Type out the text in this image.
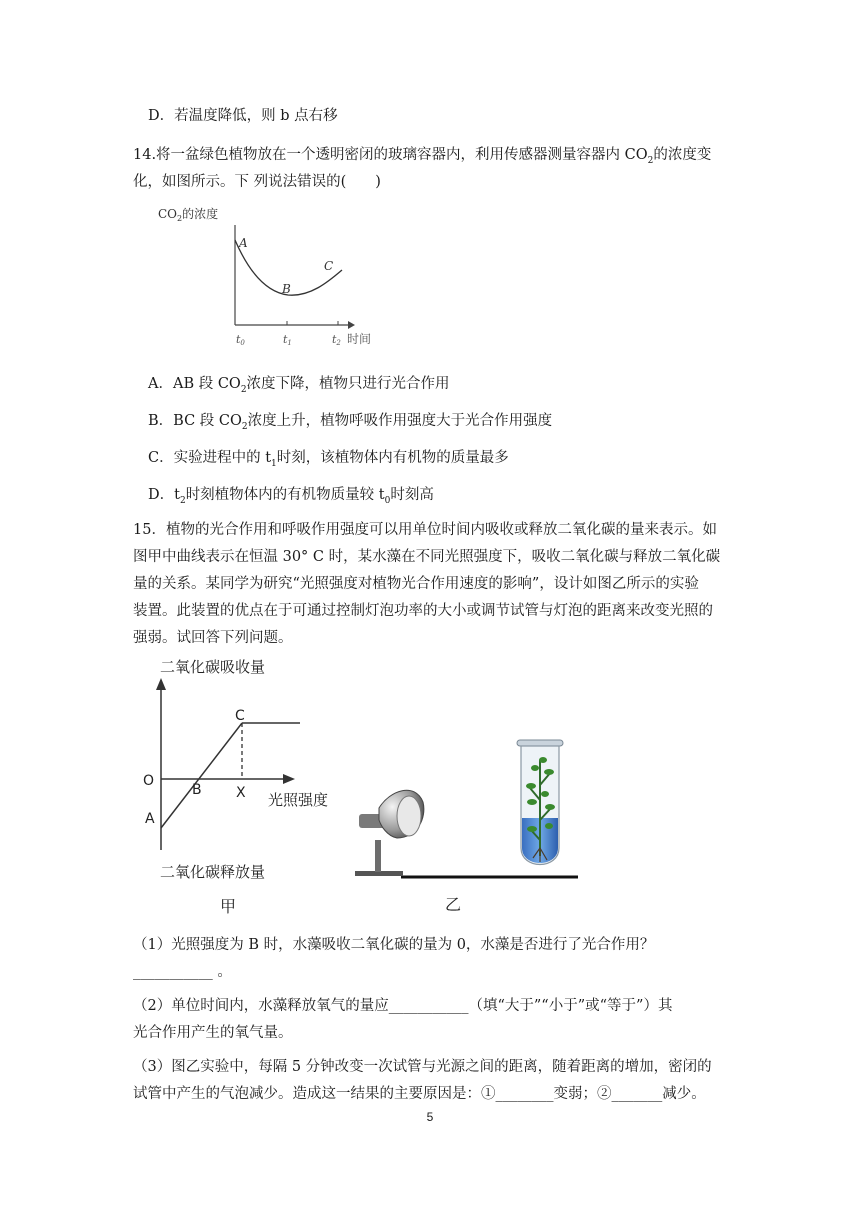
D．若温度降低，则 b 点右移
14.将一盆绿色植物放在一个透明密闭的玻璃容器内，利用传感器测量容器内 $CO_2$的浓度变
化，如图所示。下 列说法错误的(　　)
$CO_2$的浓度
A
B
C
t0	t1	t2 时间
A．AB 段 $CO_2$浓度下降，植物只进行光合作用
B．BC 段 $CO_2$浓度上升，植物呼吸作用强度大于光合作用强度
C．实验进程中的 $t_1$时刻，该植物体内有机物的质量最多
D．$t_2$时刻植物体内的有机物质量较 $t_0$时刻高
15．植物的光合作用和呼吸作用强度可以用单位时间内吸收或释放二氧化碳的量来表示。如
图甲中曲线表示在恒温 30° C 时，某水藻在不同光照强度下，吸收二氧化碳与释放二氧化碳
量的关系。某同学为研究“光照强度对植物光合作用速度的影响”，设计如图乙所示的实验
装置。此装置的优点在于可通过控制灯泡功率的大小或调节试管与灯泡的距离来改变光照的
强弱。试回答下列问题。
二氧化碳吸收量
O
A
B
C
X 光照强度
二氧化碳释放量
甲	乙
（1）光照强度为 B 时，水藻吸收二氧化碳的量为 0，水藻是否进行了光合作用？
___________ 。
（2）单位时间内，水藻释放氧气的量应___________（填“大于”“小于”或“等于”）其
光合作用产生的氧气量。
（3）图乙实验中，每隔 5 分钟改变一次试管与光源之间的距离，随着距离的增加，密闭的
试管中产生的气泡减少。造成这一结果的主要原因是：①________变弱；②_______减少。
5
